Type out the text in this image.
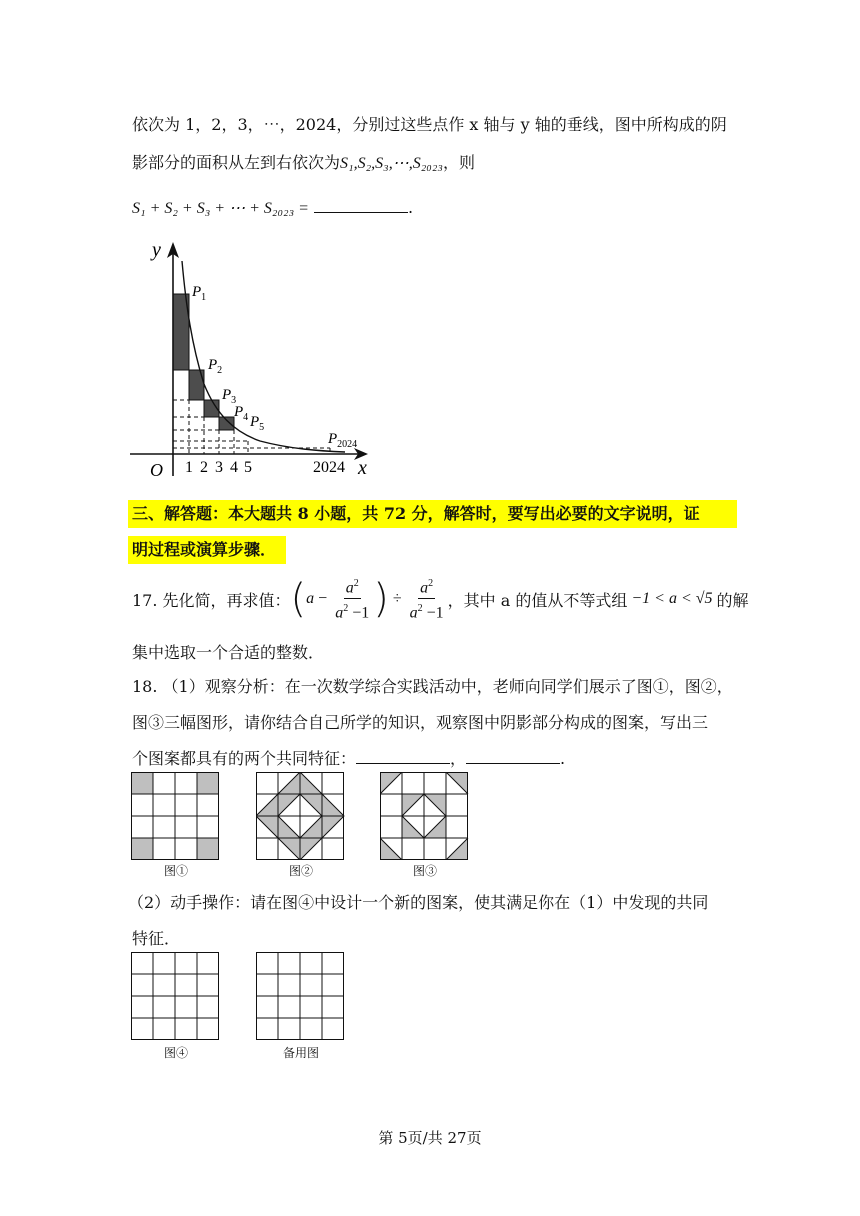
依次为 1，2，3，⋯，2024，分别过这些点作 x 轴与 y 轴的垂线，图中所构成的阴
影部分的面积从左到右依次为S₁,S₂,S₃,⋯,S₂₀₂₃，则
S₁ + S₂ + S₃ + ⋯ + S₂₀₂₃ =	.
y
x
O 1 2 3 4 5	2024
$P_1$
$P_2$
$P_3$
$P_4$ $P_5$
$P_{2024}$
三、解答题：本大题共 8 小题，共 72 分，解答时，要写出必要的文字说明，证
明过程或演算步骤．
17. 先化简，再求值： ( $a - \frac{a^2}{a^2 -1}$ ) ÷ $\frac{a^2}{a^2 -1}$ ，其中 a 的值从不等式组 −1 < a < √5 的解
集中选取一个合适的整数．
18. （1）观察分析：在一次数学综合实践活动中，老师向同学们展示了图①，图②，
图③三幅图形，请你结合自己所学的知识，观察图中阴影部分构成的图案，写出三
个图案都具有的两个共同特征：	，	.
图①	图②	图③
（2）动手操作：请在图④中设计一个新的图案，使其满足你在（1）中发现的共同
特征．
图④	备用图
第 5页/共 27页
